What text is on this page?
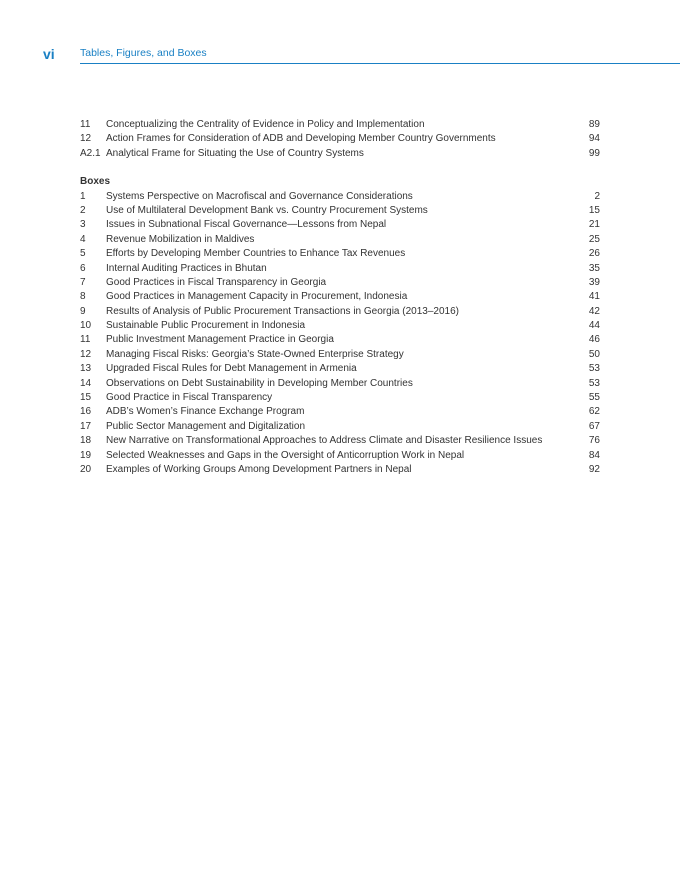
vi Tables, Figures, and Boxes
11	Conceptualizing the Centrality of Evidence in Policy and Implementation	89
12	Action Frames for Consideration of ADB and Developing Member Country Governments	94
A2.1 Analytical Frame for Situating the Use of Country Systems	99
Boxes
1	Systems Perspective on Macrofiscal and Governance Considerations	2
2	Use of Multilateral Development Bank vs. Country Procurement Systems	15
3	Issues in Subnational Fiscal Governance—Lessons from Nepal	21
4	Revenue Mobilization in Maldives	25
5	Efforts by Developing Member Countries to Enhance Tax Revenues	26
6	Internal Auditing Practices in Bhutan	35
7	Good Practices in Fiscal Transparency in Georgia	39
8	Good Practices in Management Capacity in Procurement, Indonesia	41
9	Results of Analysis of Public Procurement Transactions in Georgia (2013–2016)	42
10	Sustainable Public Procurement in Indonesia	44
11	Public Investment Management Practice in Georgia	46
12	Managing Fiscal Risks: Georgia’s State-Owned Enterprise Strategy	50
13	Upgraded Fiscal Rules for Debt Management in Armenia	53
14	Observations on Debt Sustainability in Developing Member Countries	53
15	Good Practice in Fiscal Transparency	55
16	ADB’s Women’s Finance Exchange Program	62
17	Public Sector Management and Digitalization	67
18	New Narrative on Transformational Approaches to Address Climate and Disaster Resilience Issues	76
19	Selected Weaknesses and Gaps in the Oversight of Anticorruption Work in Nepal	84
20	Examples of Working Groups Among Development Partners in Nepal	92
